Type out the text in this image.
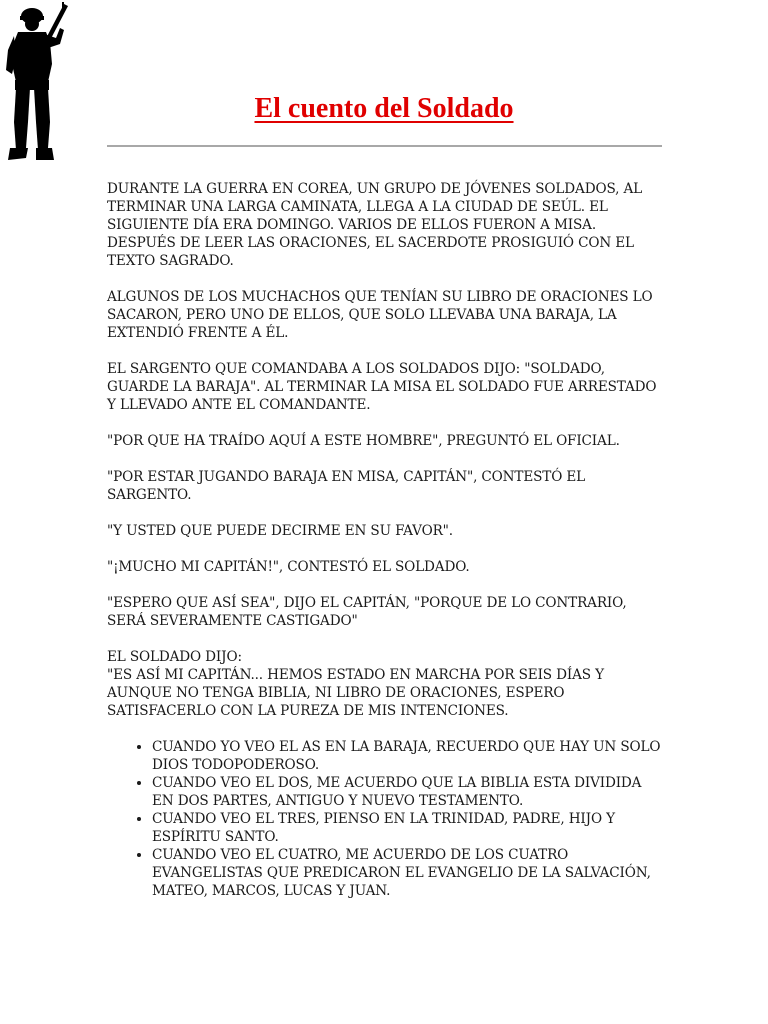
El cuento del Soldado

DURANTE LA GUERRA EN COREA, UN GRUPO DE JÓVENES SOLDADOS, AL TERMINAR UNA LARGA CAMINATA, LLEGA A LA CIUDAD DE SEÚL. EL SIGUIENTE DÍA ERA DOMINGO. VARIOS DE ELLOS FUERON A MISA. DESPUÉS DE LEER LAS ORACIONES, EL SACERDOTE PROSIGUIÓ CON EL TEXTO SAGRADO.

ALGUNOS DE LOS MUCHACHOS QUE TENÍAN SU LIBRO DE ORACIONES LO SACARON, PERO UNO DE ELLOS, QUE SOLO LLEVABA UNA BARAJA, LA EXTENDIÓ FRENTE A ÉL.

EL SARGENTO QUE COMANDABA A LOS SOLDADOS DIJO: "SOLDADO, GUARDE LA BARAJA". AL TERMINAR LA MISA EL SOLDADO FUE ARRESTADO Y LLEVADO ANTE EL COMANDANTE.

"POR QUE HA TRAÍDO AQUÍ A ESTE HOMBRE", PREGUNTÓ EL OFICIAL.

"POR ESTAR JUGANDO BARAJA EN MISA, CAPITÁN", CONTESTÓ EL SARGENTO.

"Y USTED QUE PUEDE DECIRME EN SU FAVOR".

"¡MUCHO MI CAPITÁN!", CONTESTÓ EL SOLDADO.

"ESPERO QUE ASÍ SEA", DIJO EL CAPITÁN, "PORQUE DE LO CONTRARIO, SERÁ SEVERAMENTE CASTIGADO"

EL SOLDADO DIJO:
"ES ASÍ MI CAPITÁN... HEMOS ESTADO EN MARCHA POR SEIS DÍAS Y AUNQUE NO TENGA BIBLIA, NI LIBRO DE ORACIONES, ESPERO SATISFACERLO CON LA PUREZA DE MIS INTENCIONES.

• CUANDO YO VEO EL AS EN LA BARAJA, RECUERDO QUE HAY UN SOLO DIOS TODOPODEROSO.
• CUANDO VEO EL DOS, ME ACUERDO QUE LA BIBLIA ESTA DIVIDIDA EN DOS PARTES, ANTIGUO Y NUEVO TESTAMENTO.
• CUANDO VEO EL TRES, PIENSO EN LA TRINIDAD, PADRE, HIJO Y ESPÍRITU SANTO.
• CUANDO VEO EL CUATRO, ME ACUERDO DE LOS CUATRO EVANGELISTAS QUE PREDICARON EL EVANGELIO DE LA SALVACIÓN, MATEO, MARCOS, LUCAS Y JUAN.
